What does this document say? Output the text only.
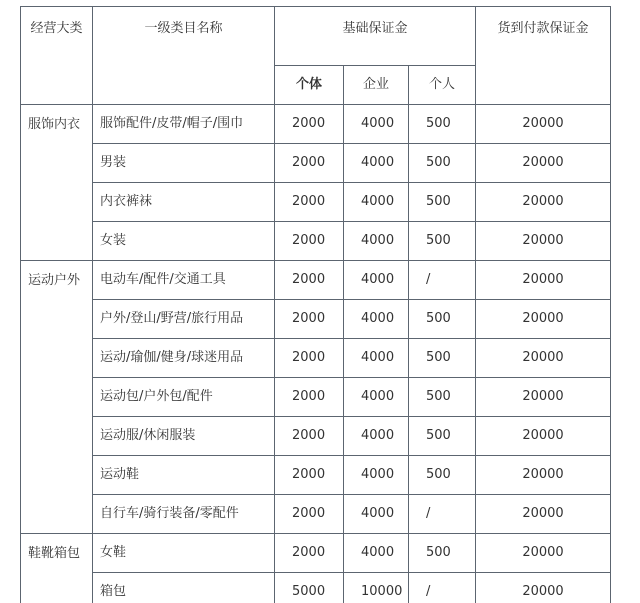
经营大类	一级类目名称	基础保证金			货到付款保证金
		个体	企业	个人	
服饰内衣	服饰配件/皮带/帽子/围巾	2000	4000	500	20000
	男装	2000	4000	500	20000
	内衣裤袜	2000	4000	500	20000
	女装	2000	4000	500	20000
运动户外	电动车/配件/交通工具	2000	4000	/	20000
	户外/登山/野营/旅行用品	2000	4000	500	20000
	运动/瑜伽/健身/球迷用品	2000	4000	500	20000
	运动包/户外包/配件	2000	4000	500	20000
	运动服/休闲服装	2000	4000	500	20000
	运动鞋	2000	4000	500	20000
	自行车/骑行装备/零配件	2000	4000	/	20000
鞋靴箱包	女鞋	2000	4000	500	20000
	箱包	5000	10000	/	20000
